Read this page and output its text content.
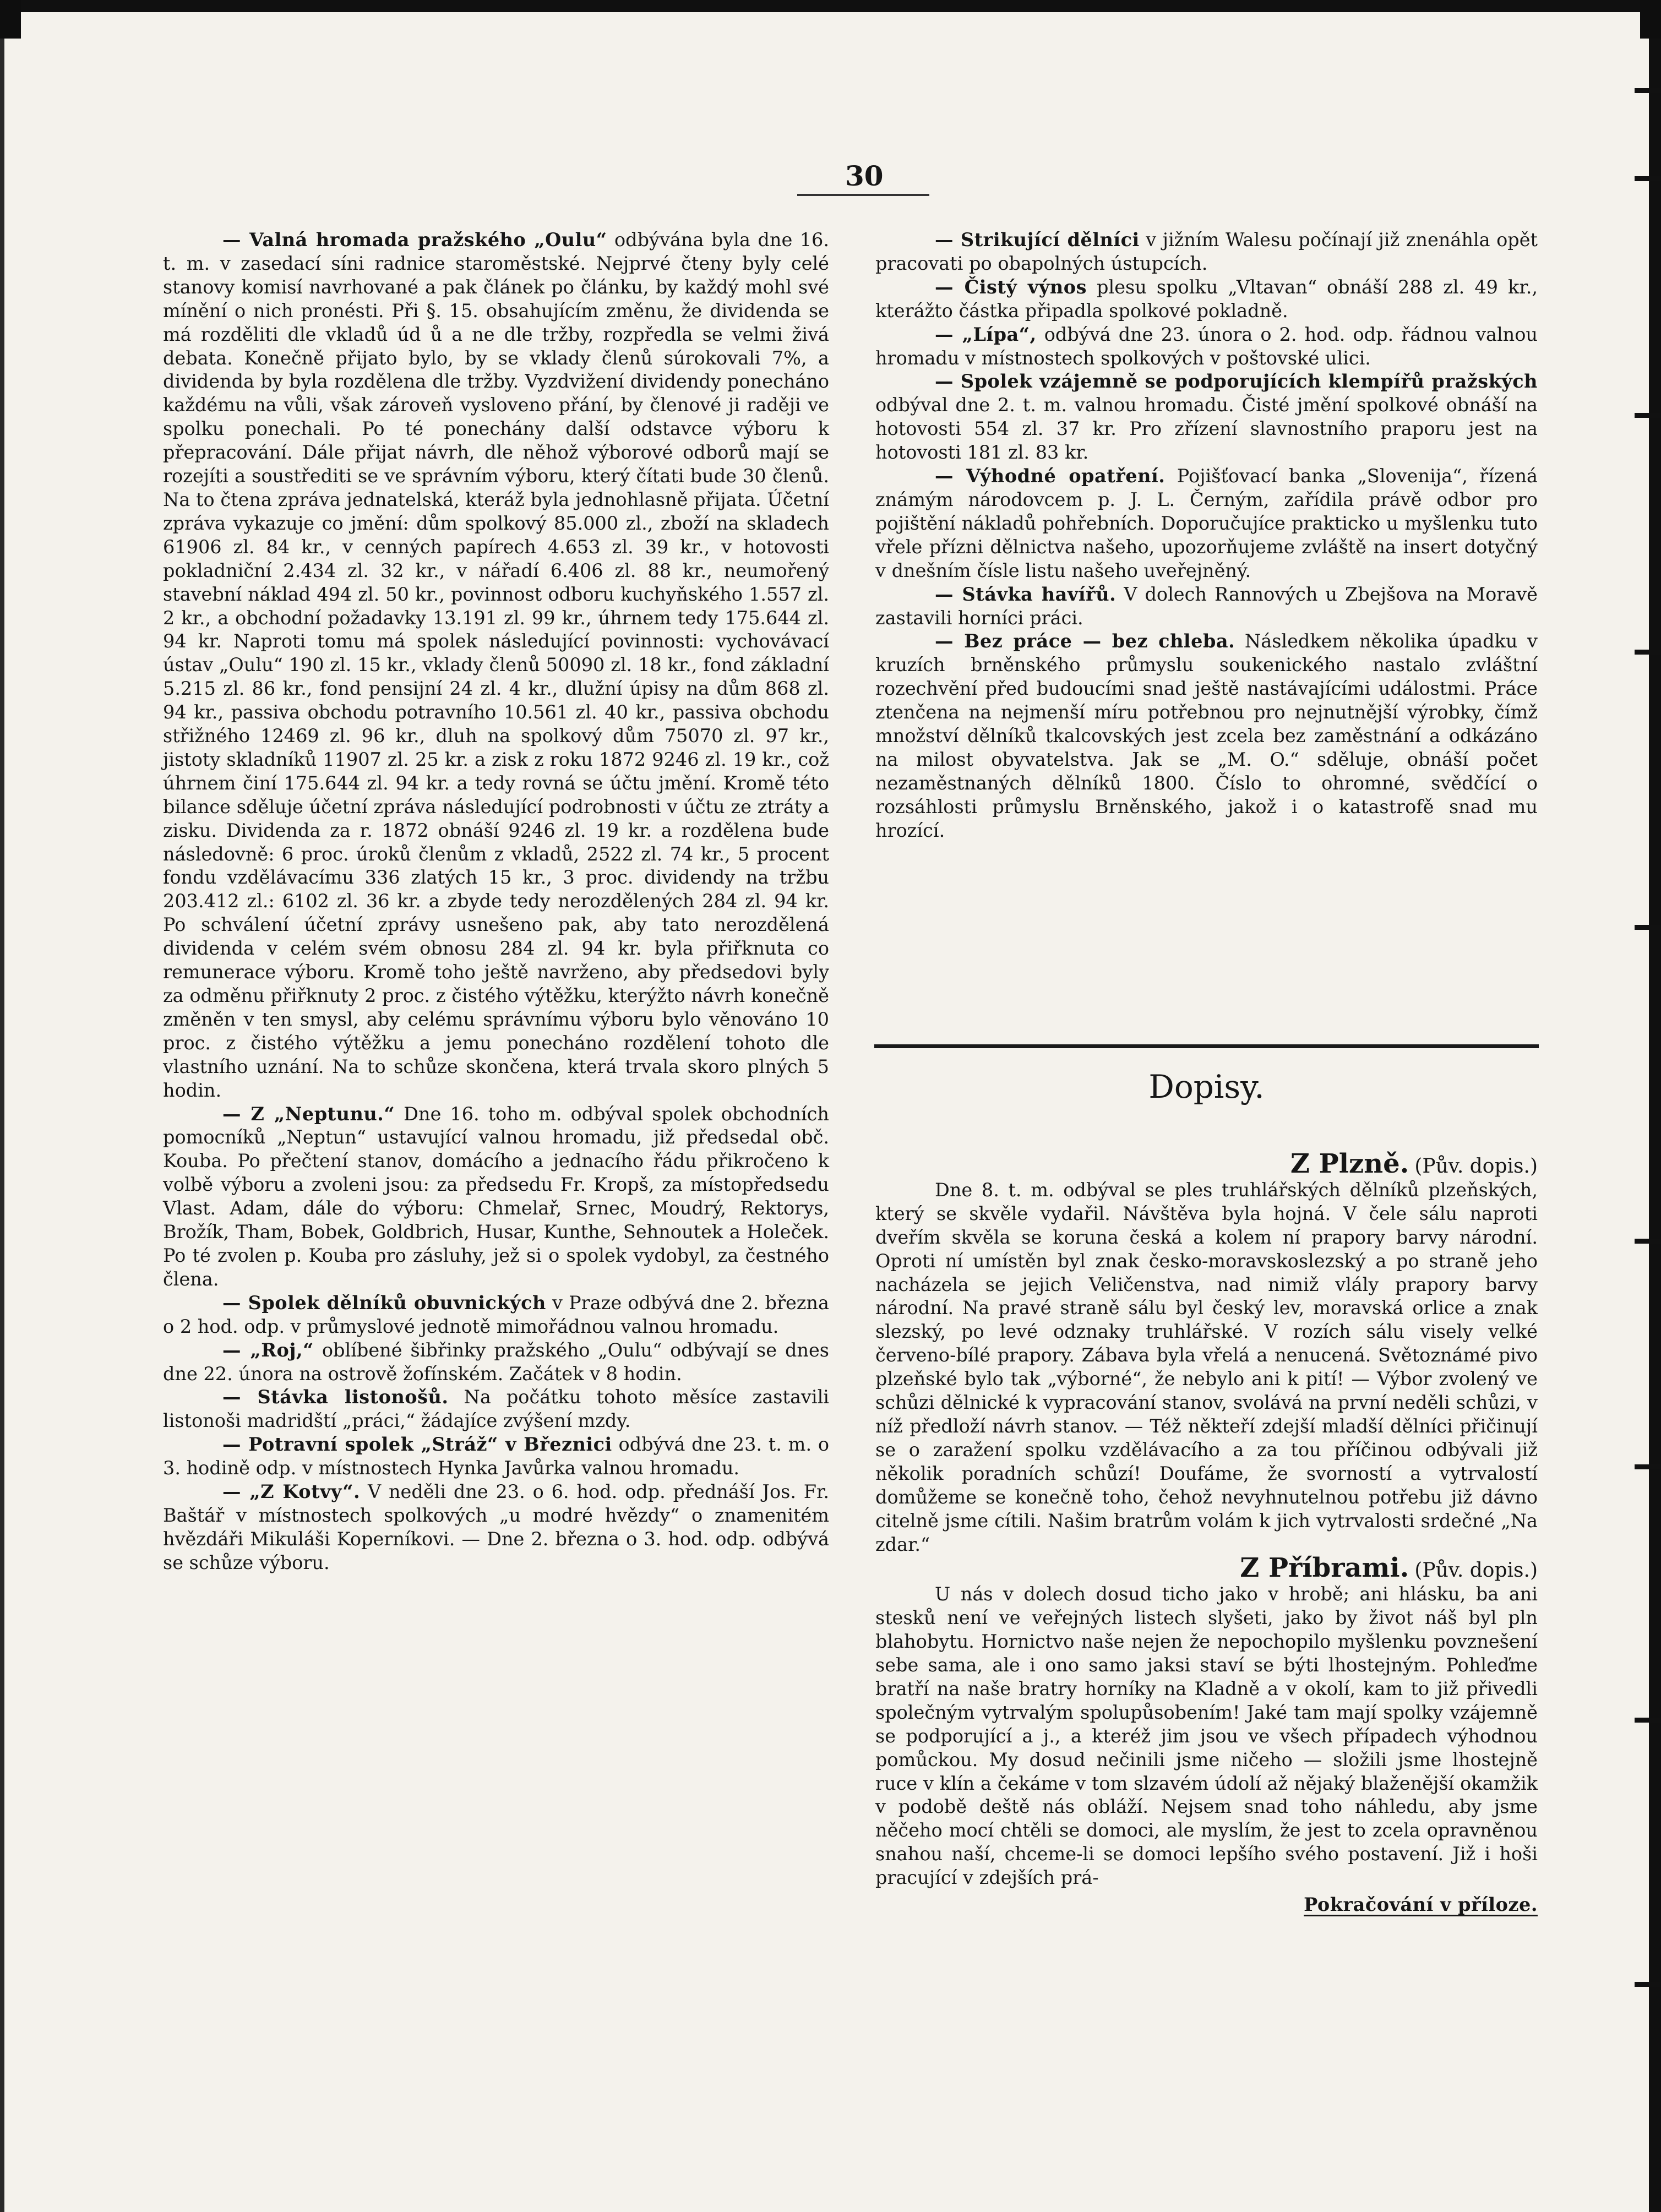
30

— Valná hromada pražského „Oulu“ odbývána byla dne 16. t. m. v zasedací síni radnice staroměstské. Nejprvé čteny byly celé stanovy komisí navrhované a pak článek po článku, by každý mohl své mínění o nich pronésti. Při §. 15. obsahujícím změnu, že dividenda se má rozděliti dle vkladů úd ů a ne dle tržby, rozpředla se velmi živá debata. Konečně přijato bylo, by se vklady členů súrokovali 7%, a dividenda by byla rozdělena dle tržby. Vyzdvižení dividendy ponecháno každému na vůli, však zároveň vysloveno přání, by členové ji raději ve spolku ponechali. Po té ponechány další odstavce výboru k přepracování. Dále přijat návrh, dle něhož výborové odborů mají se rozejíti a soustřediti se ve správním výboru, který čítati bude 30 členů. Na to čtena zpráva jednatelská, kteráž byla jednohlasně přijata. Účetní zpráva vykazuje co jmění: dům spolkový 85.000 zl., zboží na skladech 61906 zl. 84 kr., v cenných papírech 4.653 zl. 39 kr., v hotovosti pokladniční 2.434 zl. 32 kr., v nářadí 6.406 zl. 88 kr., neumořený stavební náklad 494 zl. 50 kr., povinnost odboru kuchyňského 1.557 zl. 2 kr., a obchodní požadavky 13.191 zl. 99 kr., úhrnem tedy 175.644 zl. 94 kr. Naproti tomu má spolek následující povinnosti: vychovávací ústav „Oulu“ 190 zl. 15 kr., vklady členů 50090 zl. 18 kr., fond základní 5.215 zl. 86 kr., fond pensijní 24 zl. 4 kr., dlužní úpisy na dům 868 zl. 94 kr., passiva obchodu potravního 10.561 zl. 40 kr., passiva obchodu střižného 12469 zl. 96 kr., dluh na spolkový dům 75070 zl. 97 kr., jistoty skladníků 11907 zl. 25 kr. a zisk z roku 1872 9246 zl. 19 kr., což úhrnem činí 175.644 zl. 94 kr. a tedy rovná se účtu jmění. Kromě této bilance sděluje účetní zpráva následující podrobnosti v účtu ze ztráty a zisku. Dividenda za r. 1872 obnáší 9246 zl. 19 kr. a rozdělena bude následovně: 6 proc. úroků členům z vkladů, 2522 zl. 74 kr., 5 procent fondu vzdělávacímu 336 zlatých 15 kr., 3 proc. dividendy na tržbu 203.412 zl.: 6102 zl. 36 kr. a zbyde tedy nerozdělených 284 zl. 94 kr. Po schválení účetní zprávy usnešeno pak, aby tato nerozdělená dividenda v celém svém obnosu 284 zl. 94 kr. byla přiřknuta co remunerace výboru. Kromě toho ještě navrženo, aby předsedovi byly za odměnu přiřknuty 2 proc. z čistého výtěžku, kterýžto návrh konečně změněn v ten smysl, aby celému správnímu výboru bylo věnováno 10 proc. z čistého výtěžku a jemu ponecháno rozdělení tohoto dle vlastního uznání. Na to schůze skončena, která trvala skoro plných 5 hodin.

— Z „Neptunu.“ Dne 16. toho m. odbýval spolek obchodních pomocníků „Neptun“ ustavující valnou hromadu, již předsedal obč. Kouba. Po přečtení stanov, domácího a jednacího řádu přikročeno k volbě výboru a zvoleni jsou: za předsedu Fr. Kropš, za místopředsedu Vlast. Adam, dále do výboru: Chmelař, Srnec, Moudrý, Rektorys, Brožík, Tham, Bobek, Goldbrich, Husar, Kunthe, Sehnoutek a Holeček. Po té zvolen p. Kouba pro zásluhy, jež si o spolek vydobyl, za čestného člena.

— Spolek dělníků obuvnických v Praze odbývá dne 2. března o 2 hod. odp. v průmyslové jednotě mimořádnou valnou hromadu.

— „Roj,“ oblíbené šibřinky pražského „Oulu“ odbývají se dnes dne 22. února na ostrově žofínském. Začátek v 8 hodin.

— Stávka listonošů. Na počátku tohoto měsíce zastavili listonoši madridští „práci,“ žádajíce zvýšení mzdy.

— Potravní spolek „Stráž“ v Březnici odbývá dne 23. t. m. o 3. hodině odp. v místnostech Hynka Javůrka valnou hromadu.

— „Z Kotvy“. V neděli dne 23. o 6. hod. odp. přednáší Jos. Fr. Baštář v místnostech spolkových „u modré hvězdy“ o znamenitém hvězdáři Mikuláši Koperníkovi. — Dne 2. března o 3. hod. odp. odbývá se schůze výboru.

— Strikující dělníci v jižním Walesu počínají již znenáhla opět pracovati po obapolných ústupcích.

— Čistý výnos plesu spolku „Vltavan“ obnáší 288 zl. 49 kr., kterážto částka připadla spolkové pokladně.

— „Lípa“, odbývá dne 23. února o 2. hod. odp. řádnou valnou hromadu v místnostech spolkových v poštovské ulici.

— Spolek vzájemně se podporujících klempířů pražských odbýval dne 2. t. m. valnou hromadu. Čisté jmění spolkové obnáší na hotovosti 554 zl. 37 kr. Pro zřízení slavnostního praporu jest na hotovosti 181 zl. 83 kr.

— Výhodné opatření. Pojišťovací banka „Slovenija“, řízená známým národovcem p. J. L. Černým, zařídila právě odbor pro pojištění nákladů pohřebních. Doporučujíce prakticko u myšlenku tuto vřele přízni dělnictva našeho, upozorňujeme zvláště na insert dotyčný v dnešním čísle listu našeho uveřejněný.

— Stávka havířů. V dolech Rannových u Zbejšova na Moravě zastavili horníci práci.

— Bez práce — bez chleba. Následkem několika úpadku v kruzích brněnského průmyslu soukenického nastalo zvláštní rozechvění před budoucími snad ještě nastávajícími událostmi. Práce ztenčena na nejmenší míru potřebnou pro nejnutnější výrobky, čímž množství dělníků tkalcovských jest zcela bez zaměstnání a odkázáno na milost obyvatelstva. Jak se „M. O.“ sděluje, obnáší počet nezaměstnaných dělníků 1800. Číslo to ohromné, svědčící o rozsáhlosti průmyslu Brněnského, jakož i o katastrofě snad mu hrozící.

Dopisy.

Z Plzně. (Pův. dopis.)

Dne 8. t. m. odbýval se ples truhlářských dělníků plzeňských, který se skvěle vydařil. Návštěva byla hojná. V čele sálu naproti dveřím skvěla se koruna česká a kolem ní prapory barvy národní. Oproti ní umístěn byl znak česko-moravskoslezský a po straně jeho nacházela se jejich Veličenstva, nad nimiž vlály prapory barvy národní. Na pravé straně sálu byl český lev, moravská orlice a znak slezský, po levé odznaky truhlářské. V rozích sálu visely velké červeno-bílé prapory. Zábava byla vřelá a nenucená. Světoznámé pivo plzeňské bylo tak „výborné“, že nebylo ani k pití! — Výbor zvolený ve schůzi dělnické k vypracování stanov, svolává na první neděli schůzi, v níž předloží návrh stanov. — Též někteří zdejší mladší dělníci přičinují se o zaražení spolku vzdělávacího a za tou příčinou odbývali již několik poradních schůzí! Doufáme, že svorností a vytrvalostí domůžeme se konečně toho, čehož nevyhnutelnou potřebu již dávno citelně jsme cítili. Našim bratrům volám k jich vytrvalosti srdečné „Na zdar.“

Z Příbrami. (Pův. dopis.)

U nás v dolech dosud ticho jako v hrobě; ani hlásku, ba ani stesků není ve veřejných listech slyšeti, jako by život náš byl pln blahobytu. Hornictvo naše nejen že nepochopilo myšlenku povznešení sebe sama, ale i ono samo jaksi staví se býti lhostejným. Pohleďme bratří na naše bratry horníky na Kladně a v okolí, kam to již přivedli společným vytrvalým spolupůsobením! Jaké tam mají spolky vzájemně se podporující a j., a kteréž jim jsou ve všech případech výhodnou pomůckou. My dosud nečinili jsme ničeho — složili jsme lhostejně ruce v klín a čekáme v tom slzavém údolí až nějaký blaženější okamžik v podobě deště nás obláží. Nejsem snad toho náhledu, aby jsme něčeho mocí chtěli se domoci, ale myslím, že jest to zcela opravněnou snahou naší, chceme-li se domoci lepšího svého postavení. Již i hoši pracující v zdejších prá-

Pokračování v příloze.
